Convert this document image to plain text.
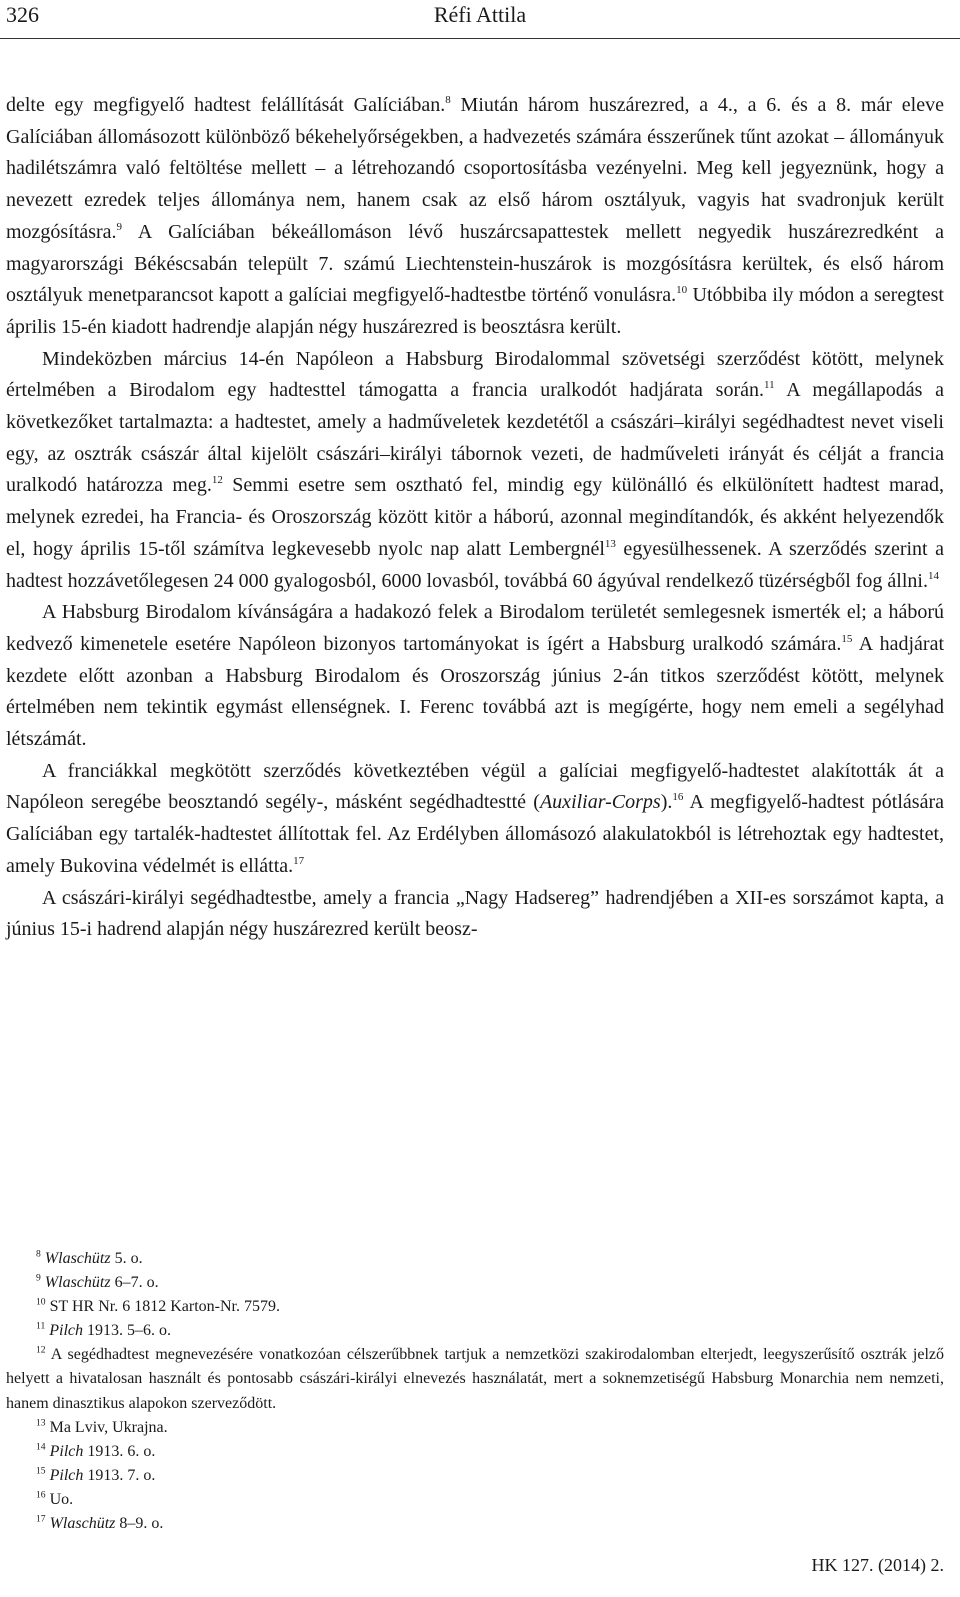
326	Réfi Attila

delte egy megfigyelő hadtest felállítását Galíciában.$^8$ Miután három huszárezred, a 4., a 6. és a 8. már eleve Galíciában állomásozott különböző békehelyőrségekben, a hadvezetés számára ésszerűnek tűnt azokat – állományuk hadilétszámra való feltöltése mellett – a létrehozandó csoportosításba vezényelni. Meg kell jegyeznünk, hogy a nevezett ezredek teljes állománya nem, hanem csak az első három osztályuk, vagyis hat svadronjuk került mozgósításra.$^9$ A Galíciában békeállomáson lévő huszárcsapattestek mellett negyedik huszárezredként a magyarországi Békéscsabán települt 7. számú Liechtenstein-huszárok is mozgósításra kerültek, és első három osztályuk menetparancsot kapott a galíciai megfigyelő-hadtestbe történő vonulásra.$^{10}$ Utóbbiba ily módon a seregtest április 15-én kiadott hadrendje alapján négy huszárezred is beosztásra került.

Mindeközben március 14-én Napóleon a Habsburg Birodalommal szövetségi szerződést kötött, melynek értelmében a Birodalom egy hadtesttel támogatta a francia uralkodót hadjárata során.$^{11}$ A megállapodás a következőket tartalmazta: a hadtestet, amely a hadműveletek kezdetétől a császári–királyi segédhadtest nevet viseli egy, az osztrák császár által kijelölt császári–királyi tábornok vezeti, de hadműveleti irányát és célját a francia uralkodó határozza meg.$^{12}$ Semmi esetre sem osztható fel, mindig egy különálló és elkülönített hadtest marad, melynek ezredei, ha Francia- és Oroszország között kitör a háború, azonnal megindítandók, és akként helyezendők el, hogy április 15-től számítva legkevesebb nyolc nap alatt Lembergnél$^{13}$ egyesülhessenek. A szerződés szerint a hadtest hozzávetőlegesen 24 000 gyalogosból, 6000 lovasból, továbbá 60 ágyúval rendelkező tüzérségből fog állni.$^{14}$

A Habsburg Birodalom kívánságára a hadakozó felek a Birodalom területét semlegesnek ismerték el; a háború kedvező kimenetele esetére Napóleon bizonyos tartományokat is ígért a Habsburg uralkodó számára.$^{15}$ A hadjárat kezdete előtt azonban a Habsburg Birodalom és Oroszország június 2-án titkos szerződést kötött, melynek értelmében nem tekintik egymást ellenségnek. I. Ferenc továbbá azt is megígérte, hogy nem emeli a segélyhad létszámát.

A franciákkal megkötött szerződés következtében végül a galíciai megfigyelő-hadtestet alakították át a Napóleon seregébe beosztandó segély-, másként segédhadtestté (Auxiliar-Corps).$^{16}$ A megfigyelő-hadtest pótlására Galíciában egy tartalék-hadtestet állítottak fel. Az Erdélyben állomásozó alakulatokból is létrehoztak egy hadtestet, amely Bukovina védelmét is ellátta.$^{17}$

A császári-királyi segédhadtestbe, amely a francia „Nagy Hadsereg” hadrendjében a XII-es sorszámot kapta, a június 15-i hadrend alapján négy huszárezred került beosz-

$^8$ Wlaschütz 5. o.

$^9$ Wlaschütz 6–7. o.

$^{10}$ ST HR Nr. 6 1812 Karton-Nr. 7579.

$^{11}$ Pilch 1913. 5–6. o.

$^{12}$ A segédhadtest megnevezésére vonatkozóan célszerűbbnek tartjuk a nemzetközi szakirodalomban elterjedt, leegyszerűsítő osztrák jelző helyett a hivatalosan használt és pontosabb császári-királyi elnevezés használatát, mert a soknemzetiségű Habsburg Monarchia nem nemzeti, hanem dinasztikus alapokon szerveződött.

$^{13}$ Ma Lviv, Ukrajna.

$^{14}$ Pilch 1913. 6. o.

$^{15}$ Pilch 1913. 7. o.

$^{16}$ Uo.

$^{17}$ Wlaschütz 8–9. o.

HK 127. (2014) 2.
